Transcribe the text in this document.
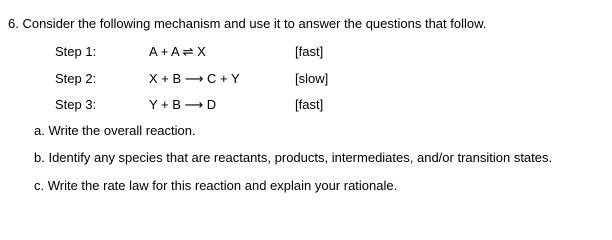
6. Consider the following mechanism and use it to answer the questions that follow.
Step 1:	A + A ⇌ X	[fast]
Step 2:	X + B ⟶ C + Y	[slow]
Step 3:	Y + B ⟶ D	[fast]
a. Write the overall reaction.
b. Identify any species that are reactants, products, intermediates, and/or transition states.
c. Write the rate law for this reaction and explain your rationale.
